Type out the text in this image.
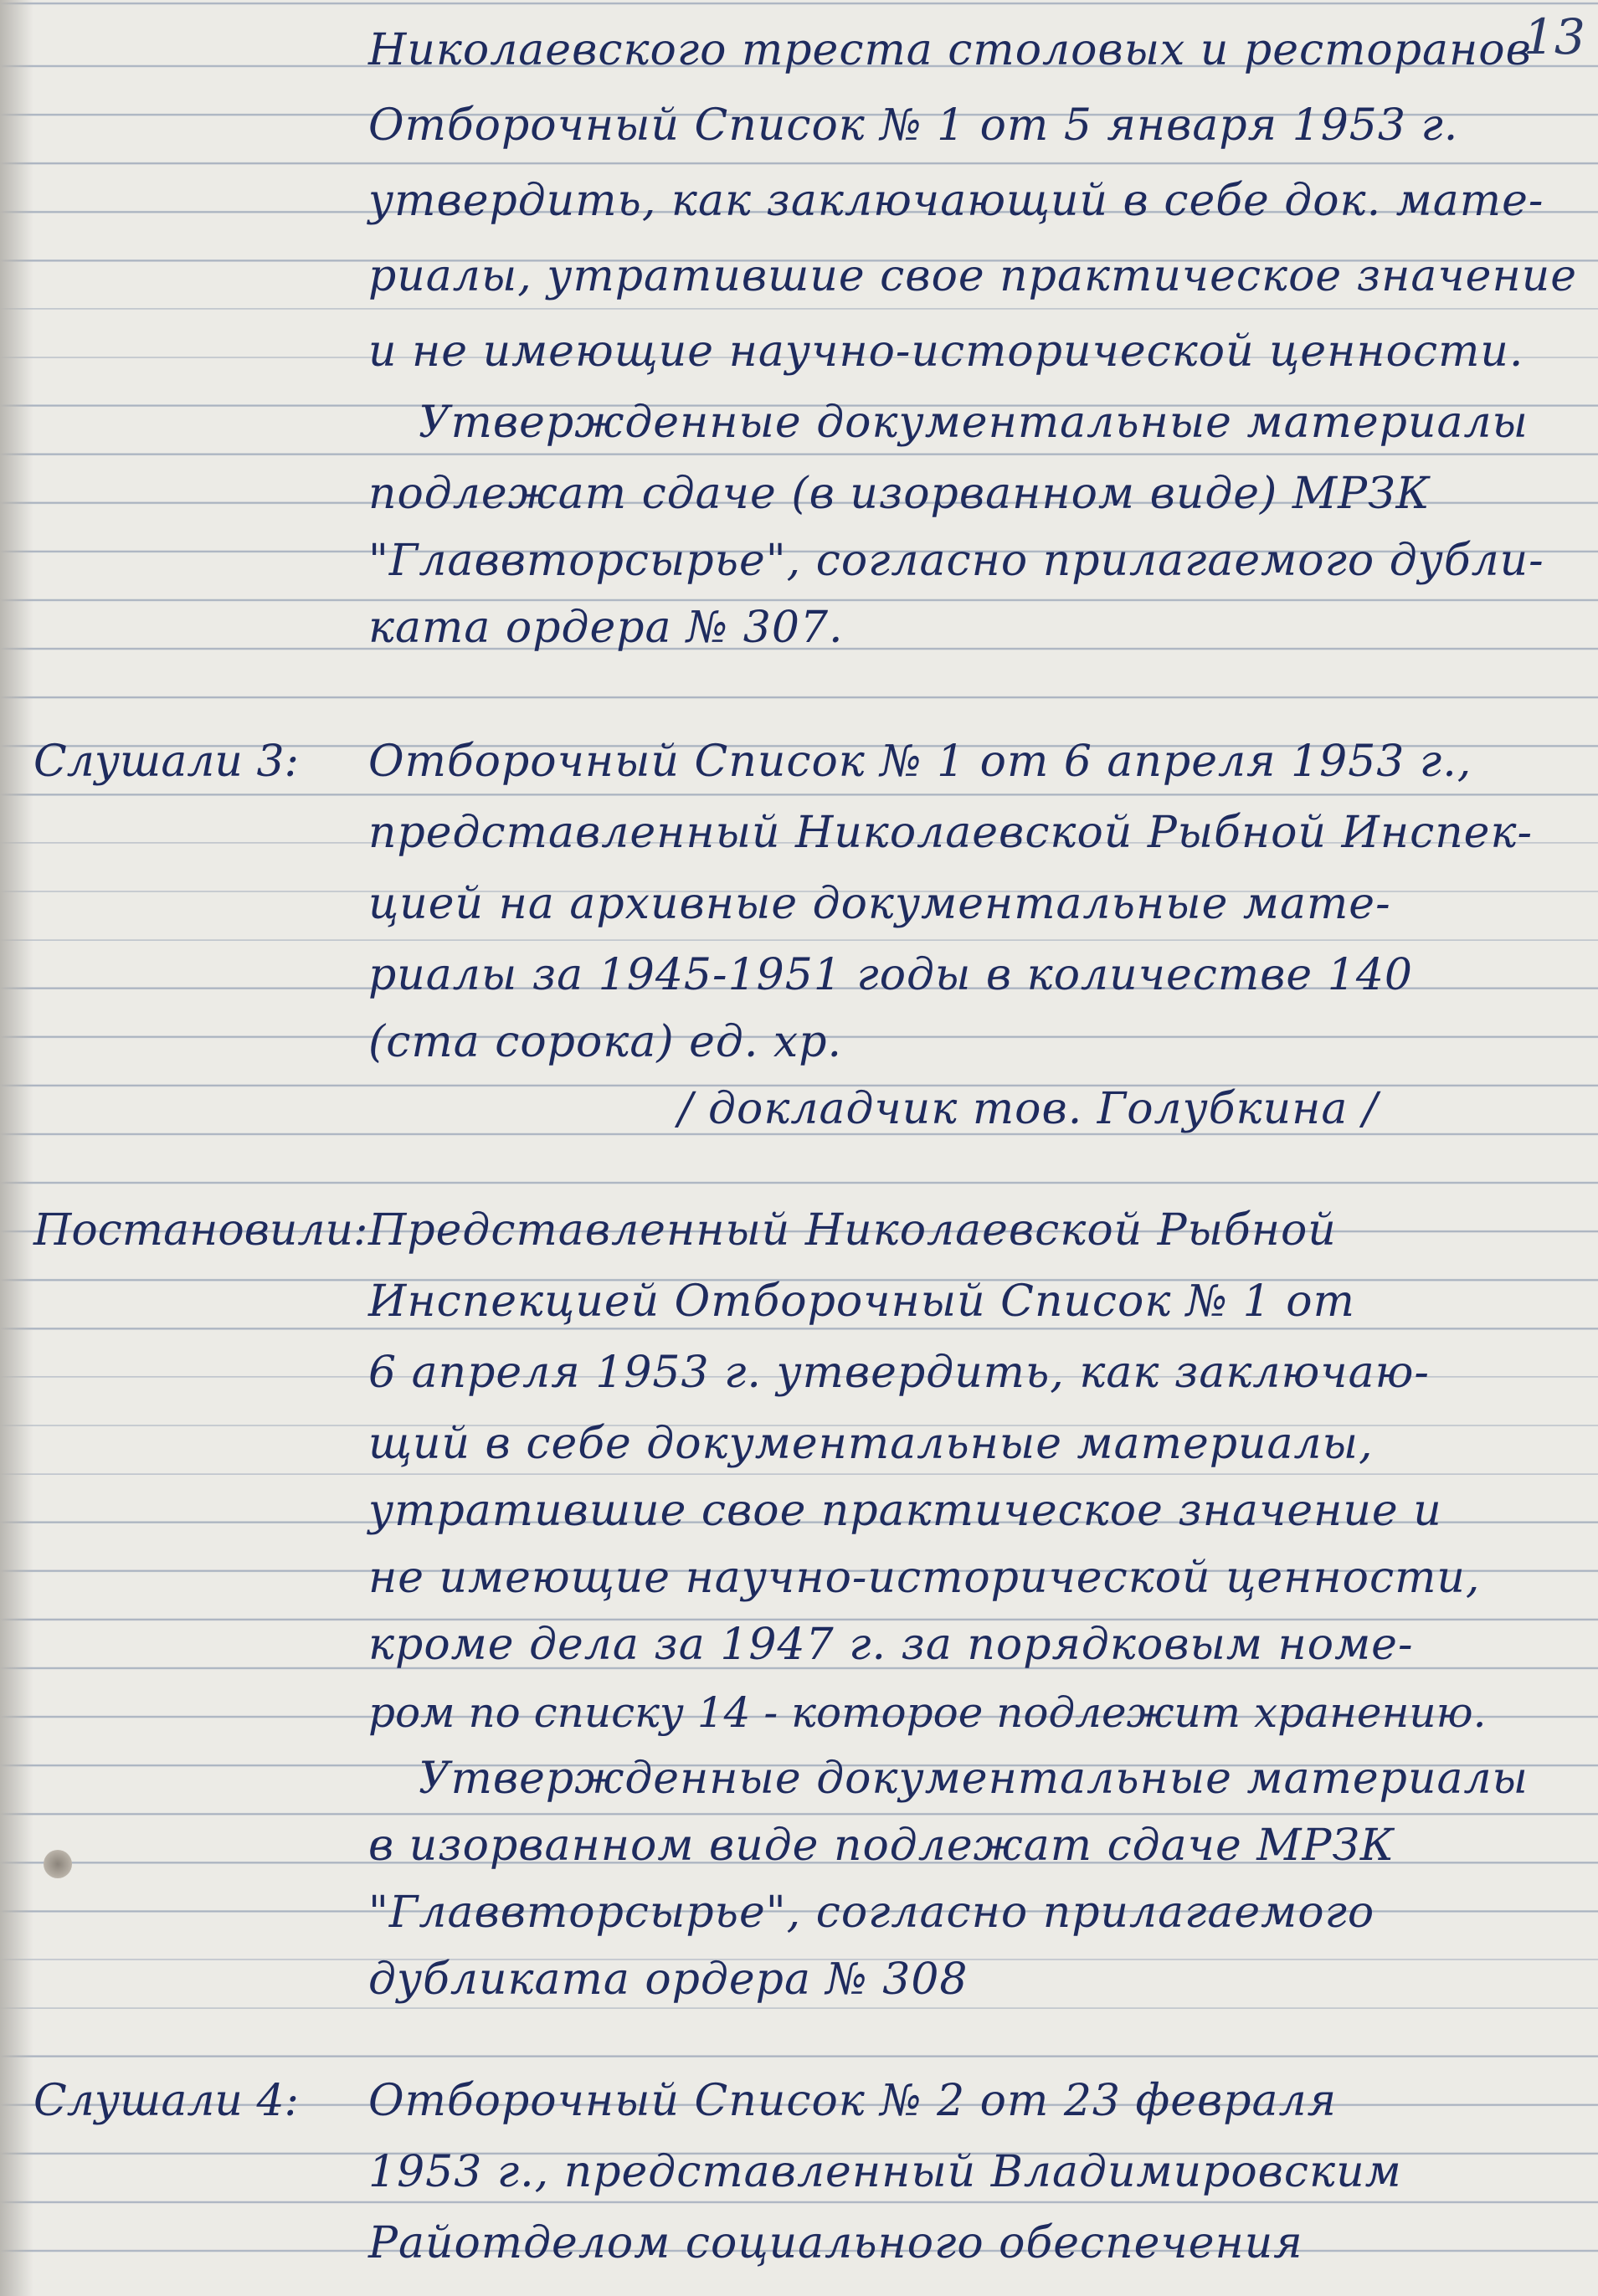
13
Николаевского треста столовых и ресторанов
Отборочный Список № 1 от 5 января 1953 г.
утвердить, как заключающий в себе док. мате-
риалы, утратившие свое практическое значение
и не имеющие научно-исторической ценности.
Утвержденные документальные материалы
подлежат сдаче (в изорванном виде) МРЗК
"Главвторсырье", согласно прилагаемого дубли-
ката ордера № 307.
Слушали 3: Отборочный Список № 1 от 6 апреля 1953 г.,
представленный Николаевской Рыбной Инспек-
цией на архивные документальные мате-
риалы за 1945-1951 годы в количестве 140
(ста сорока) ед. хр.
/ докладчик тов. Голубкина /
Постановили: Представленный Николаевской Рыбной
Инспекцией Отборочный Список № 1 от
6 апреля 1953 г. утвердить, как заключаю-
щий в себе документальные материалы,
утратившие свое практическое значение и
не имеющие научно-исторической ценности,
кроме дела за 1947 г. за порядковым номе-
ром по списку 14 - которое подлежит хранению.
Утвержденные документальные материалы
в изорванном виде подлежат сдаче МРЗК
"Главвторсырье", согласно прилагаемого
дубликата ордера № 308
Слушали 4: Отборочный Список № 2 от 23 февраля
1953 г., представленный Владимировским
Райотделом социального обеспечения
